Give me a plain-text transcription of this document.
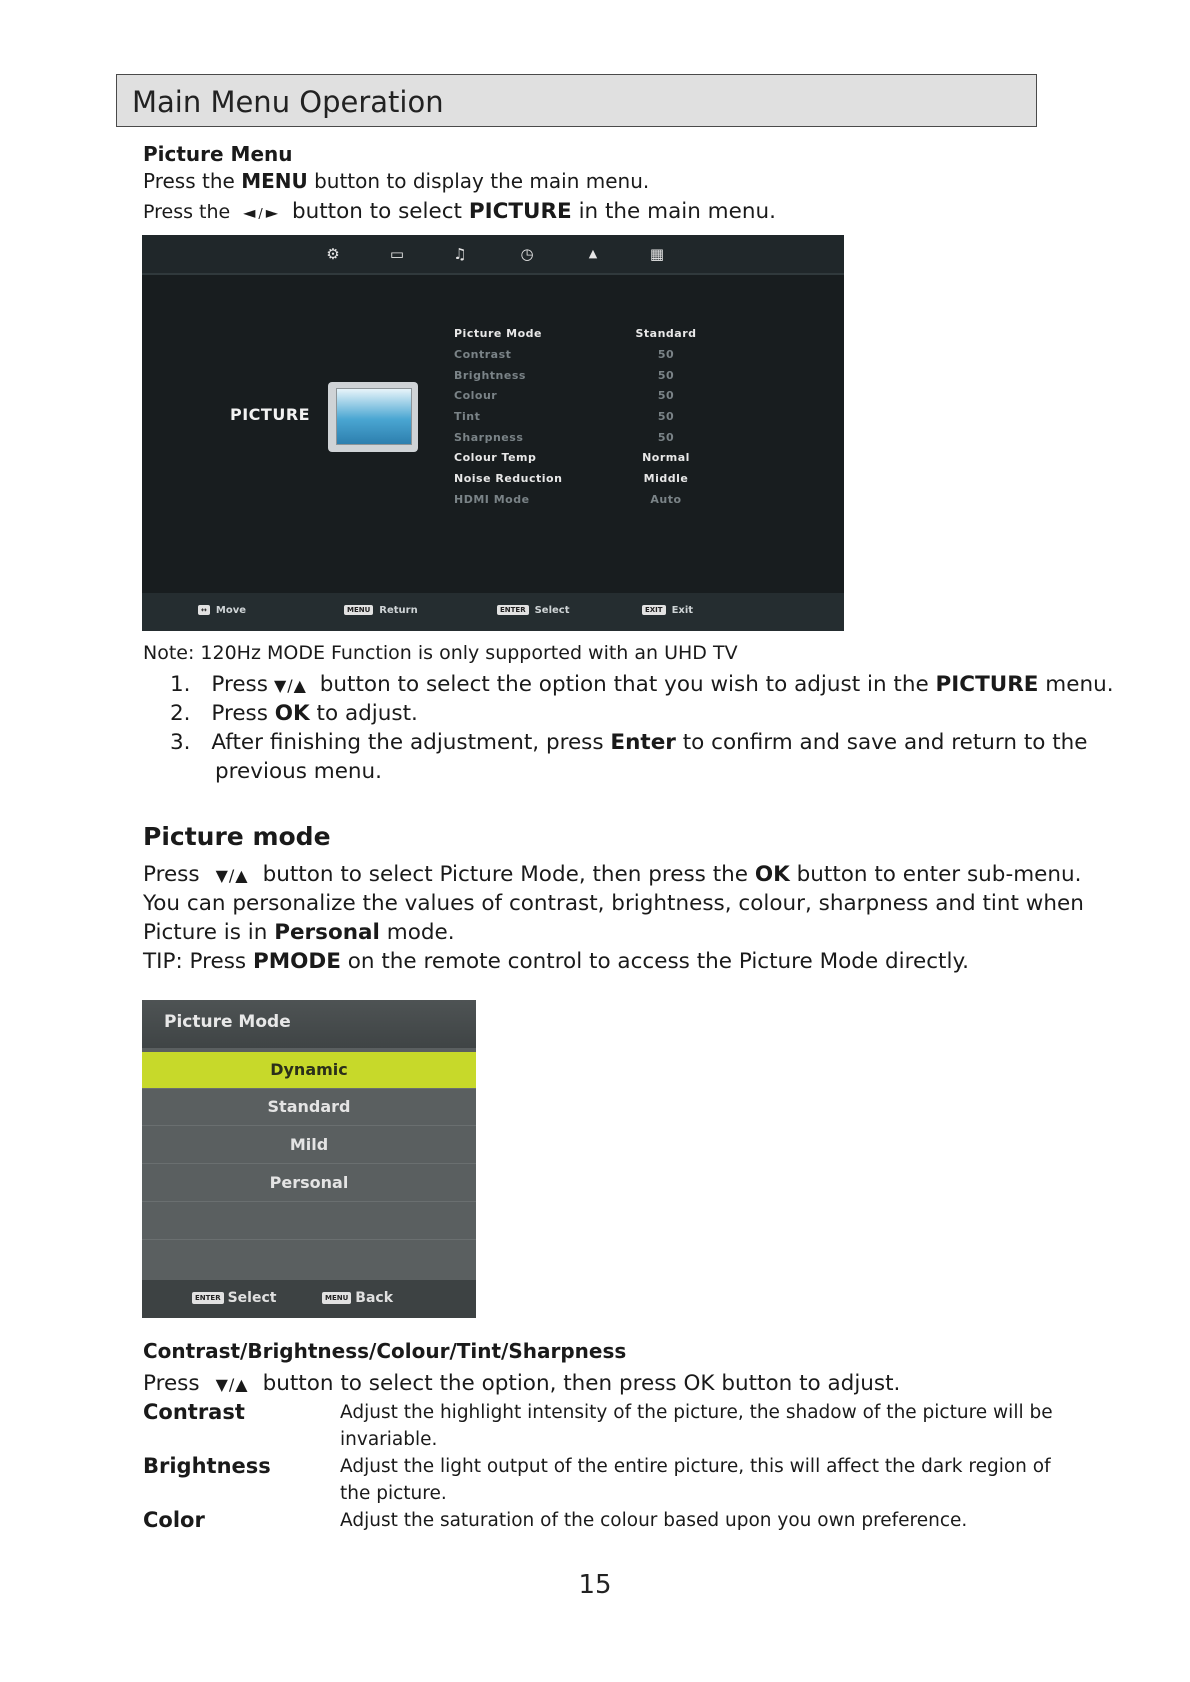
Main Menu Operation
Picture Menu
Press the MENU button to display the main menu.
Press the ◄ / ► button to select PICTURE in the main menu.
⚙	▭	♫	◷	▲	▦
PICTURE
Picture Mode	Standard
Contrast	50
Brightness	50
Colour	50
Tint	50
Sharpness	50
Colour Temp	Normal
Noise Reduction	Middle
HDMI Mode	Auto
↔ Move	MENU Return	ENTER Select	EXIT Exit
Note: 120Hz MODE Function is only supported with an UHD TV
1. Press ▼/▲ button to select the option that you wish to adjust in the PICTURE menu.
2. Press OK to adjust.
3. After finishing the adjustment, press Enter to confirm and save and return to the
previous menu.
Picture mode
Press ▼/▲ button to select Picture Mode, then press the OK button to enter sub-menu.
You can personalize the values of contrast, brightness, colour, sharpness and tint when
Picture is in Personal mode.
TIP: Press PMODE on the remote control to access the Picture Mode directly.
Picture Mode
Dynamic
Standard
Mild
Personal
ENTER Select	MENU Back
Contrast/Brightness/Colour/Tint/Sharpness
Press ▼/▲ button to select the option, then press OK button to adjust.
Contrast	Adjust the highlight intensity of the picture, the shadow of the picture will be
invariable.
Brightness	Adjust the light output of the entire picture, this will affect the dark region of
the picture.
Color	Adjust the saturation of the colour based upon you own preference.
15
